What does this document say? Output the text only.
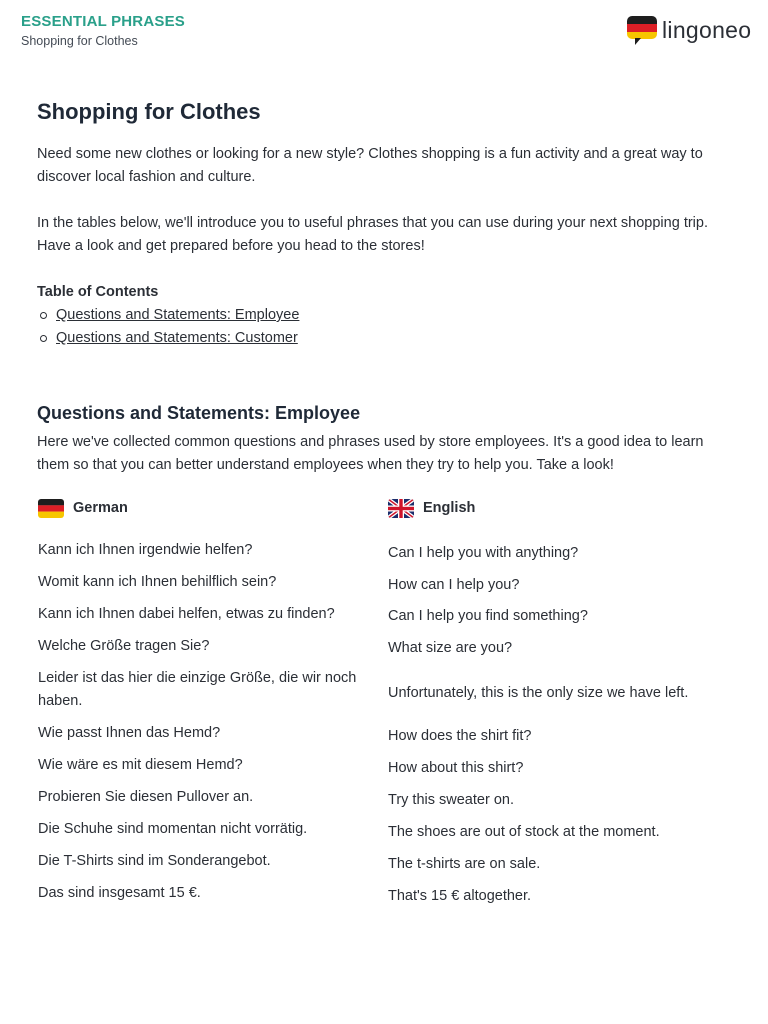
ESSENTIAL PHRASES
Shopping for Clothes	lingoneo
Shopping for Clothes

Need some new clothes or looking for a new style? Clothes shopping is a fun activity and a great way to discover local fashion and culture.

In the tables below, we'll introduce you to useful phrases that you can use during your next shopping trip. Have a look and get prepared before you head to the stores!

Table of Contents
Questions and Statements: Employee
Questions and Statements: Customer
Questions and Statements: Employee

Here we've collected common questions and phrases used by store employees. It's a good idea to learn them so that you can better understand employees when they try to help you. Take a look!

German	English
Kann ich Ihnen irgendwie helfen?	Can I help you with anything?
Womit kann ich Ihnen behilflich sein?	How can I help you?
Kann ich Ihnen dabei helfen, etwas zu finden?	Can I help you find something?
Welche Größe tragen Sie?	What size are you?
Leider ist das hier die einzige Größe, die wir noch haben.	Unfortunately, this is the only size we have left.
Wie passt Ihnen das Hemd?	How does the shirt fit?
Wie wäre es mit diesem Hemd?	How about this shirt?
Probieren Sie diesen Pullover an.	Try this sweater on.
Die Schuhe sind momentan nicht vorrätig.	The shoes are out of stock at the moment.
Die T-Shirts sind im Sonderangebot.	The t-shirts are on sale.
Das sind insgesamt 15 €.	That's 15 € altogether.
